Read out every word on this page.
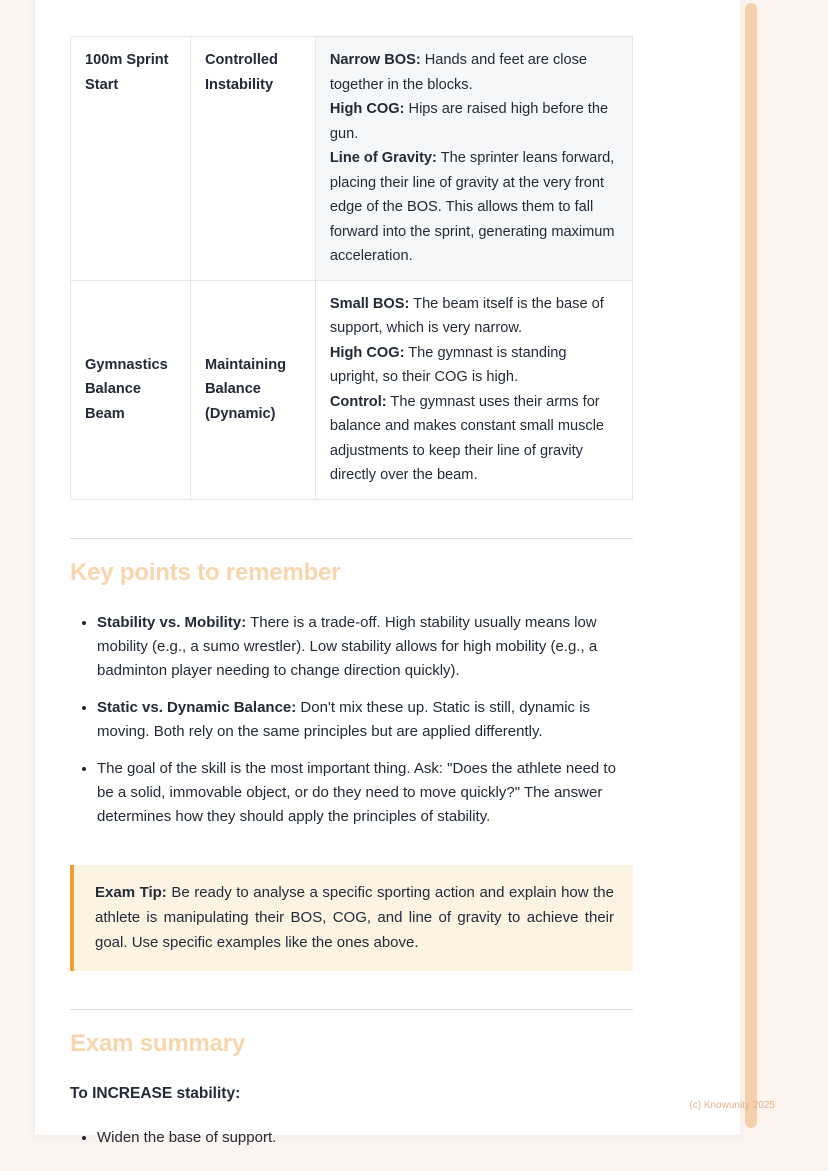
100m Sprint Start	Controlled Instability	Narrow BOS: Hands and feet are close together in the blocks.

High COG: Hips are raised high before the gun.

Line of Gravity: The sprinter leans forward, placing their line of gravity at the very front edge of the BOS. This allows them to fall forward into the sprint, generating maximum acceleration.

Gymnastics Balance Beam	Maintaining Balance (Dynamic)	Small BOS: The beam itself is the base of support, which is very narrow.

High COG: The gymnast is standing upright, so their COG is high.

Control: The gymnast uses their arms for balance and makes constant small muscle adjustments to keep their line of gravity directly over the beam.

Key points to remember
• Stability vs. Mobility: There is a trade-off. High stability usually means low mobility (e.g., a sumo wrestler). Low stability allows for high mobility (e.g., a badminton player needing to change direction quickly).
• Static vs. Dynamic Balance: Don't mix these up. Static is still, dynamic is moving. Both rely on the same principles but are applied differently.
• The goal of the skill is the most important thing. Ask: "Does the athlete need to be a solid, immovable object, or do they need to move quickly?" The answer determines how they should apply the principles of stability.
Exam Tip: Be ready to analyse a specific sporting action and explain how the athlete is manipulating their BOS, COG, and line of gravity to achieve their goal. Use specific examples like the ones above.
Exam summary

To INCREASE stability:

• Widen the base of support.
(c) Knowunity 2025
